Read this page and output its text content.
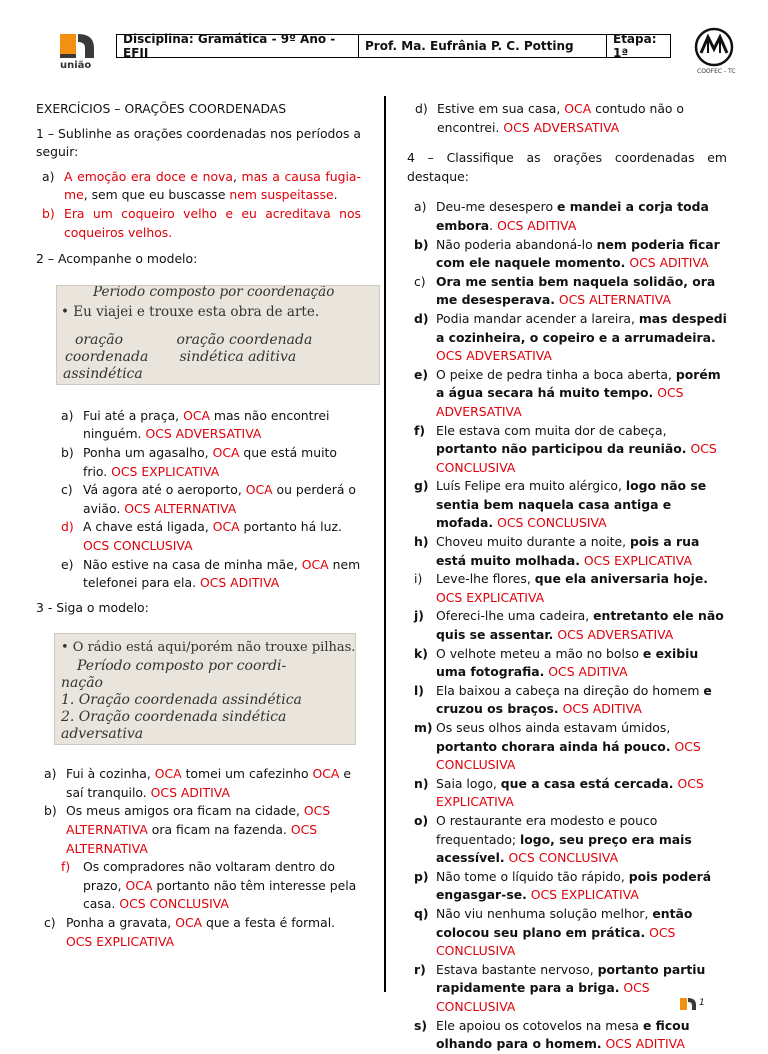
união
Disciplina: Gramática - 9º Ano - EFII	Prof. Ma. Eufrânia P. C. Potting	Etapa: 1ª
COOFEC - TC

EXERCÍCIOS – ORAÇÕES COORDENADAS

1 – Sublinhe as orações coordenadas nos períodos a seguir:

a) A emoção era doce e nova, mas a causa fugia-me, sem que eu buscasse nem suspeitasse.
b) Era um coqueiro velho e eu acreditava nos coqueiros velhos.

2 – Acompanhe o modelo:

Período composto por coordenação
• Eu viajei e trouxe esta obra de arte.
oração            oração coordenada
coordenada       sindética aditiva
assindética
a) Fui até a praça, OCA mas não encontrei ninguém. OCS ADVERSATIVA
b) Ponha um agasalho, OCA que está muito frio. OCS EXPLICATIVA
c) Vá agora até o aeroporto, OCA ou perderá o avião. OCS ALTERNATIVA
d) A chave está ligada, OCA portanto há luz. OCS CONCLUSIVA
e) Não estive na casa de minha mãe, OCA nem telefonei para ela. OCS ADITIVA

3 - Siga o modelo:

• O rádio está aqui/porém não trouxe pilhas.
Período composto por coordi-
nação
1. Oração coordenada assindética
2. Oração coordenada sindética
adversativa
a) Fui à cozinha, OCA tomei um cafezinho OCA e saí tranquilo. OCS ADITIVA
b) Os meus amigos ora ficam na cidade, OCS ALTERNATIVA ora ficam na fazenda. OCS ALTERNATIVA
f) Os compradores não voltaram dentro do prazo, OCA portanto não têm interesse pela casa. OCS CONCLUSIVA
c) Ponha a gravata, OCA que a festa é formal. OCS EXPLICATIVA
d) Estive em sua casa, OCA contudo não o encontrei. OCS ADVERSATIVA

4 – Classifique as orações coordenadas em destaque:

a) Deu-me desespero e mandei a corja toda embora. OCS ADITIVA
b) Não poderia abandoná-lo nem poderia ficar com ele naquele momento. OCS ADITIVA
c) Ora me sentia bem naquela solidão, ora me desesperava. OCS ALTERNATIVA
d) Podia mandar acender a lareira, mas despedi a cozinheira, o copeiro e a arrumadeira. OCS ADVERSATIVA
e) O peixe de pedra tinha a boca aberta, porém a água secara há muito tempo. OCS ADVERSATIVA
f) Ele estava com muita dor de cabeça, portanto não participou da reunião. OCS CONCLUSIVA
g) Luís Felipe era muito alérgico, logo não se sentia bem naquela casa antiga e mofada. OCS CONCLUSIVA
h) Choveu muito durante a noite, pois a rua está muito molhada. OCS EXPLICATIVA
i) Leve-lhe flores, que ela aniversaria hoje. OCS EXPLICATIVA
j) Ofereci-lhe uma cadeira, entretanto ele não quis se assentar. OCS ADVERSATIVA
k) O velhote meteu a mão no bolso e exibiu uma fotografia. OCS ADITIVA
l) Ela baixou a cabeça na direção do homem e cruzou os braços. OCS ADITIVA
m) Os seus olhos ainda estavam úmidos, portanto chorara ainda há pouco. OCS CONCLUSIVA
n) Saia logo, que a casa está cercada. OCS EXPLICATIVA
o) O restaurante era modesto e pouco frequentado; logo, seu preço era mais acessível. OCS CONCLUSIVA
p) Não tome o líquido tão rápido, pois poderá engasgar-se. OCS EXPLICATIVA
q) Não viu nenhuma solução melhor, então colocou seu plano em prática. OCS CONCLUSIVA
r) Estava bastante nervoso, portanto partiu rapidamente para a briga. OCS CONCLUSIVA
s) Ele apoiou os cotovelos na mesa e ficou olhando para o homem. OCS ADITIVA
1
